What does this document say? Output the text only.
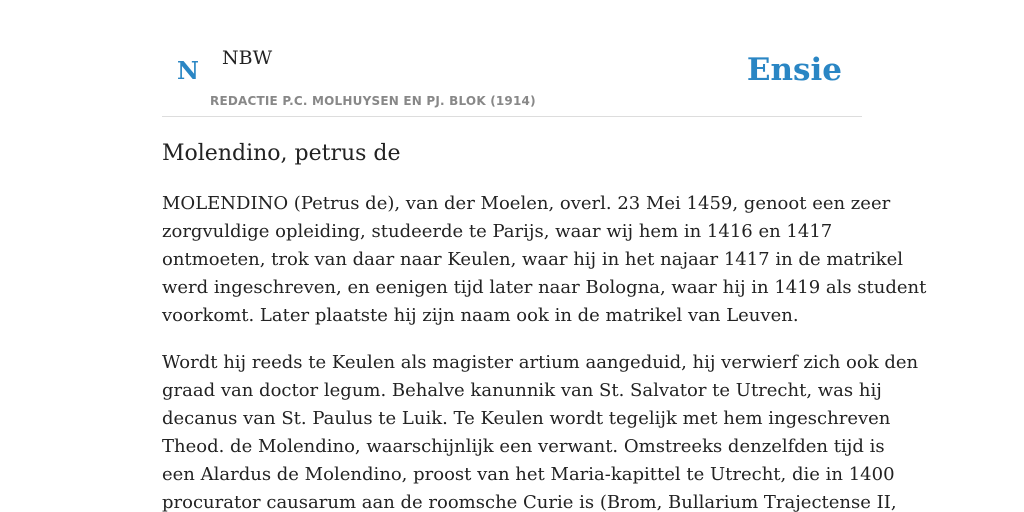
N NBW
REDACTIE P.C. MOLHUYSEN EN PJ. BLOK (1914)
Ensie
Molendino, petrus de

MOLENDINO (Petrus de), van der Moelen, overl. 23 Mei 1459, genoot een zeer
zorgvuldige opleiding, studeerde te Parijs, waar wij hem in 1416 en 1417
ontmoeten, trok van daar naar Keulen, waar hij in het najaar 1417 in de matrikel
werd ingeschreven, en eenigen tijd later naar Bologna, waar hij in 1419 als student
voorkomt. Later plaatste hij zijn naam ook in de matrikel van Leuven.

Wordt hij reeds te Keulen als magister artium aangeduid, hij verwierf zich ook den
graad van doctor legum. Behalve kanunnik van St. Salvator te Utrecht, was hij
decanus van St. Paulus te Luik. Te Keulen wordt tegelijk met hem ingeschreven
Theod. de Molendino, waarschijnlijk een verwant. Omstreeks denzelfden tijd is
een Alardus de Molendino, proost van het Maria-kapittel te Utrecht, die in 1400
procurator causarum aan de roomsche Curie is (Brom, Bullarium Trajectense II,
